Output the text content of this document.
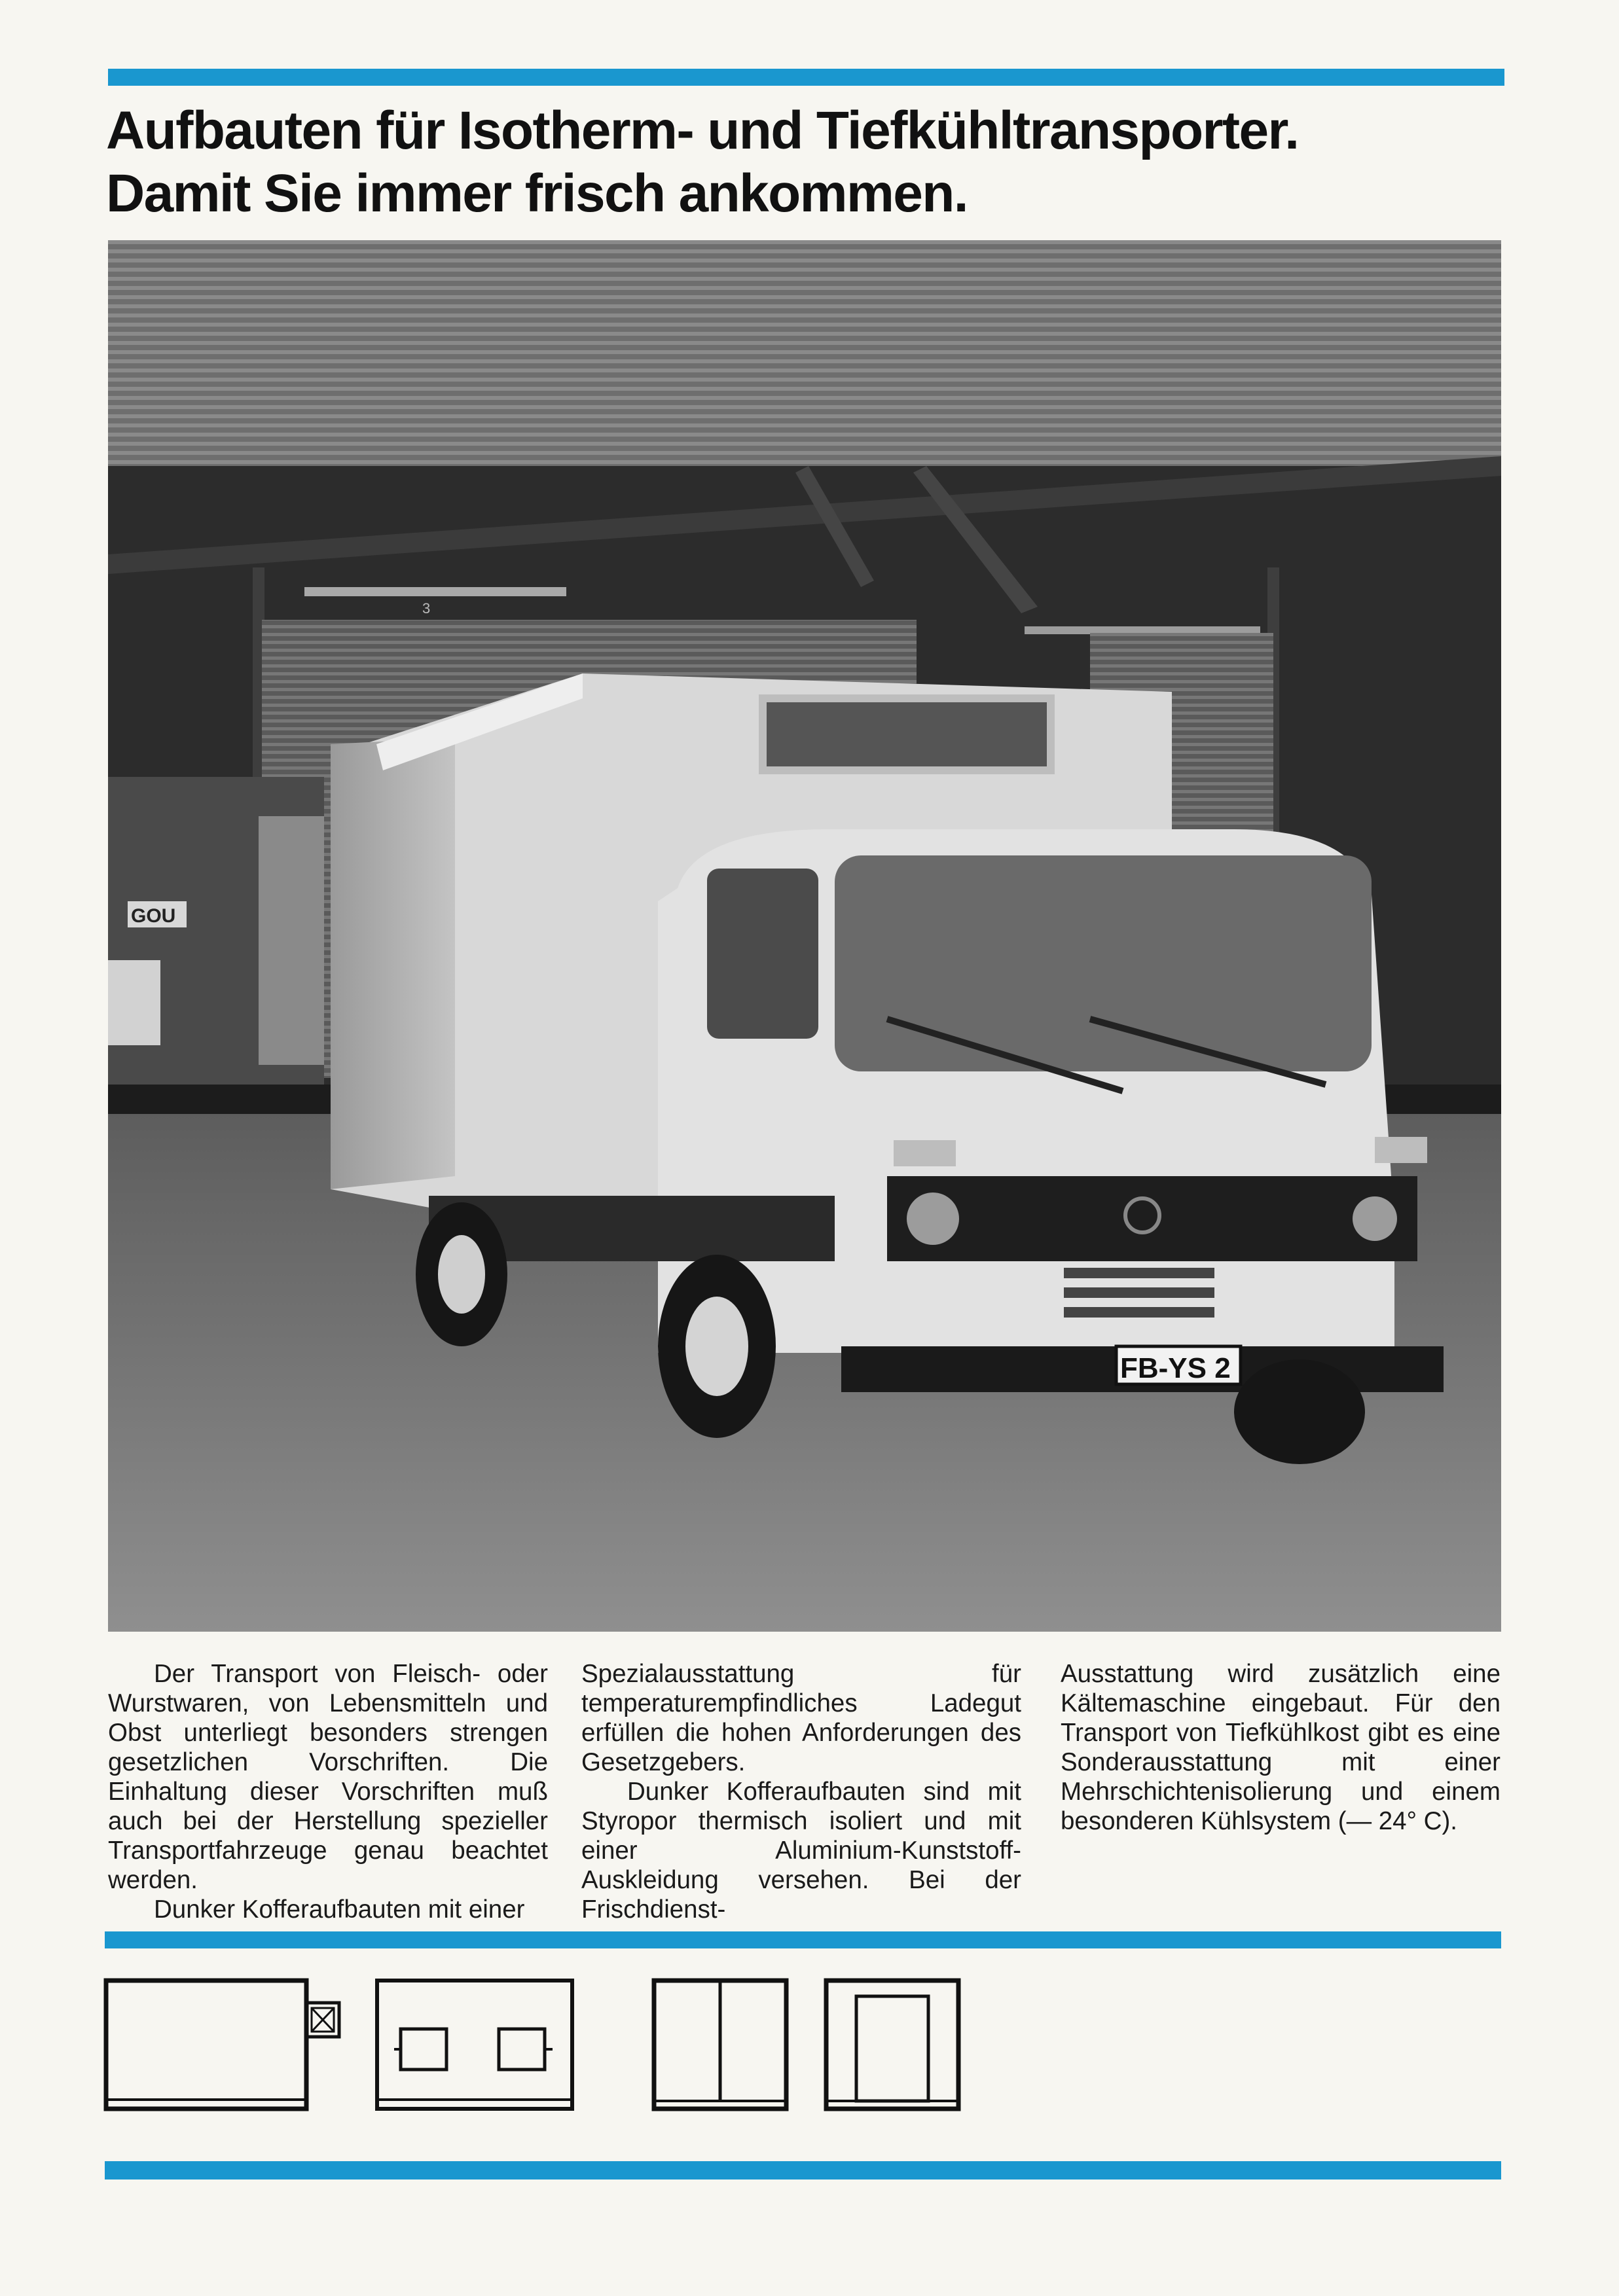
Aufbauten für Isotherm- und Tiefkühltransporter.
Damit Sie immer frisch ankommen.
3
GOU
FB-YS 2

Der Transport von Fleisch- oder Wurstwaren, von Lebensmitteln und Obst unterliegt besonders strengen gesetzlichen Vorschriften. Die Einhaltung dieser Vorschriften muß auch bei der Herstellung spezieller Transportfahrzeuge genau beachtet werden.

Dunker Kofferaufbauten mit einer

Spezialausstattung für temperaturempfindliches Ladegut erfüllen die hohen Anforderungen des Gesetzgebers.

Dunker Kofferaufbauten sind mit Styropor thermisch isoliert und mit einer Aluminium-Kunststoff-Auskleidung versehen. Bei der Frischdienst-

Ausstattung wird zusätzlich eine Kältemaschine eingebaut. Für den Transport von Tiefkühlkost gibt es eine Sonderausstattung mit einer Mehrschichtenisolierung und einem besonderen Kühlsystem (— 24° C).
